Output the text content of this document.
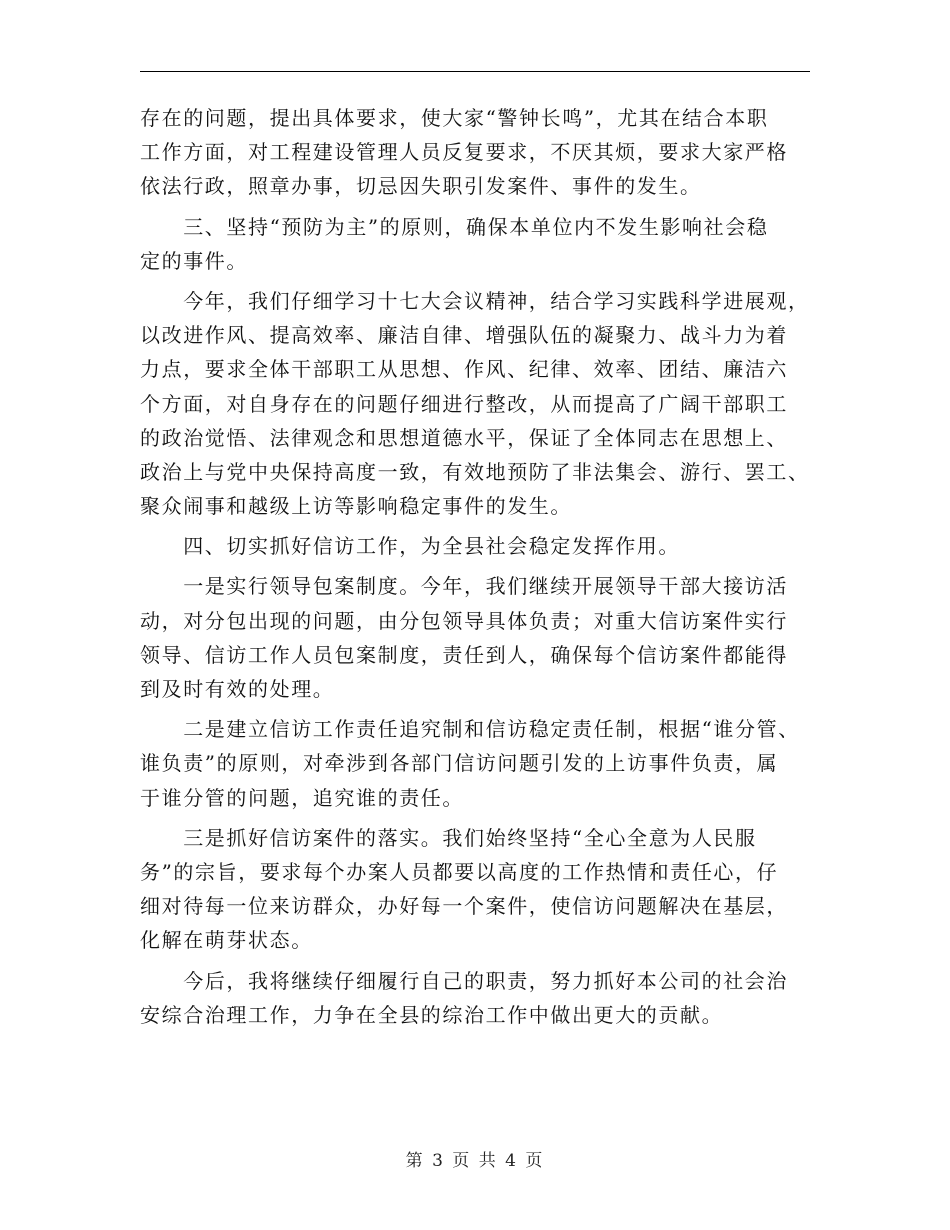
存在的问题，提出具体要求，使大家“警钟长鸣”，尤其在结合本职
工作方面，对工程建设管理人员反复要求，不厌其烦，要求大家严格
依法行政，照章办事，切忌因失职引发案件、事件的发生。
　　三、坚持“预防为主”的原则，确保本单位内不发生影响社会稳
定的事件。
　　今年，我们仔细学习十七大会议精神，结合学习实践科学进展观，
以改进作风、提高效率、廉洁自律、增强队伍的凝聚力、战斗力为着
力点，要求全体干部职工从思想、作风、纪律、效率、团结、廉洁六
个方面，对自身存在的问题仔细进行整改，从而提高了广阔干部职工
的政治觉悟、法律观念和思想道德水平，保证了全体同志在思想上、
政治上与党中央保持高度一致，有效地预防了非法集会、游行、罢工、
聚众闹事和越级上访等影响稳定事件的发生。
　　四、切实抓好信访工作，为全县社会稳定发挥作用。
　　一是实行领导包案制度。今年，我们继续开展领导干部大接访活
动，对分包出现的问题，由分包领导具体负责；对重大信访案件实行
领导、信访工作人员包案制度，责任到人，确保每个信访案件都能得
到及时有效的处理。
　　二是建立信访工作责任追究制和信访稳定责任制，根据“谁分管、
谁负责”的原则，对牵涉到各部门信访问题引发的上访事件负责，属
于谁分管的问题，追究谁的责任。
　　三是抓好信访案件的落实。我们始终坚持“全心全意为人民服
务”的宗旨，要求每个办案人员都要以高度的工作热情和责任心，仔
细对待每一位来访群众，办好每一个案件，使信访问题解决在基层，
化解在萌芽状态。
　　今后，我将继续仔细履行自己的职责，努力抓好本公司的社会治
安综合治理工作，力争在全县的综治工作中做出更大的贡献。
第 3 页 共 4 页
